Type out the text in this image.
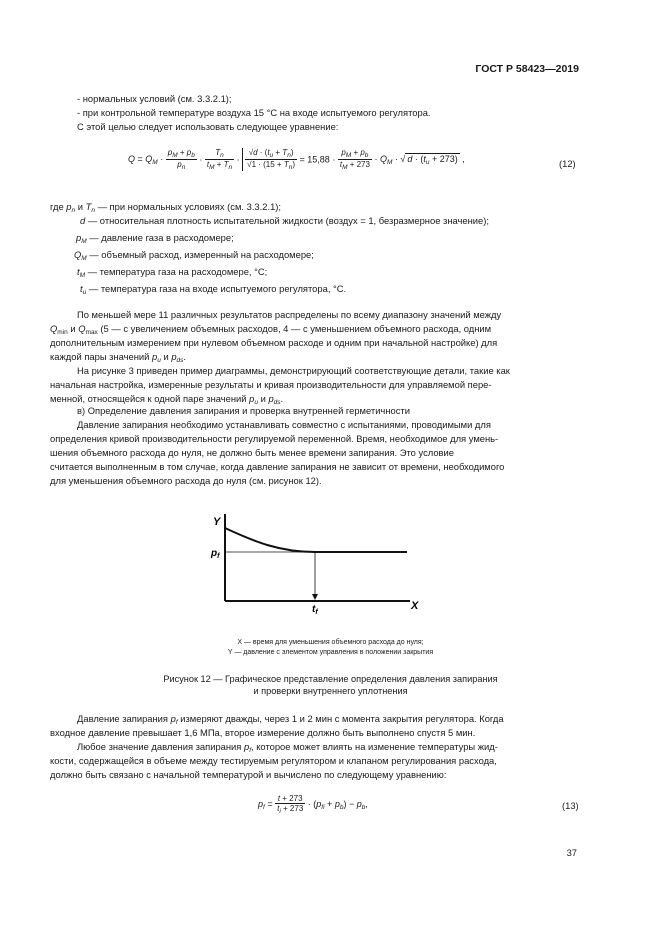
ГОСТ Р 58423—2019
- нормальных условий (см. 3.3.2.1);
- при контрольной температуре воздуха 15 °С на входе испытуемого регулятора.
С этой целью следует использовать следующее уравнение:
$Q = Q_M \cdot \frac{p_M + p_b}{p_n} \cdot \frac{T_n}{t_M + T_n} \cdot \frac{√d \cdot (t_u + T_n)}{√1 \cdot (15 + T_n)} = 15,88 \cdot \frac{p_M + p_b}{t_M + 273} \cdot Q_M$ · √ $d \cdot (t_u + 273)$ ,	(12)
где $p_n$ и $T_n$ — при нормальных условиях (см. 3.3.2.1);
d — относительная плотность испытательной жидкости (воздух = 1, безразмерное значение);
$p_M$ — давление газа в расходомере;
$Q_M$ — объемный расход, измеренный на расходомере;
$t_M$ — температура газа на расходомере, °С;
$t_u$ — температура газа на входе испытуемого регулятора, °С.
По меньшей мере 11 различных результатов распределены по всему диапазону значений между
$Q_{min}$ и $Q_{max}$ (5 — с увеличением объемных расходов, 4 — с уменьшением объемного расхода, одним
дополнительным измерением при нулевом объемном расходе и одним при начальной настройке) для
каждой пары значений $p_u$ и $p_{ds}$.
На рисунке 3 приведен пример диаграммы, демонстрирующий соответствующие детали, такие как
начальная настройка, измеренные результаты и кривая производительности для управляемой пере-
менной, относящейся к одной паре значений $p_u$ и $p_{ds}$.
в) Определение давления запирания и проверка внутренней герметичности
Давление запирания необходимо устанавливать совместно с испытаниями, проводимыми для
определения кривой производительности регулируемой переменной. Время, необходимое для умень-
шения объемного расхода до нуля, не должно быть менее времени запирания. Это условие
считается выполненным в том случае, когда давление запирания не зависит от времени, необходимого
для уменьшения объемного расхода до нуля (см. рисунок 12).
Y
X
$p_f$
$t_f$
X — время для уменьшения объемного расхода до нуля;
Y — давление с элементом управления в положении закрытия
Рисунок 12 — Графическое представление определения давления запирания
и проверки внутреннего уплотнения
Давление запирания $p_f$ измеряют дважды, через 1 и 2 мин с момента закрытия регулятора. Когда
входное давление превышает 1,6 МПа, второе измерение должно быть выполнено спустя 5 мин.
Любое значение давления запирания $p_f$, которое может влиять на изменение температуры жид-
кости, содержащейся в объеме между тестируемым регулятором и клапаном регулирования расхода,
должно быть связано с начальной температурой и вычислено по следующему уравнению:
$p_f = \frac{t + 273}{t_i + 273} \cdot (p_{fi} + p_b) - p_b$,	(13)
37
